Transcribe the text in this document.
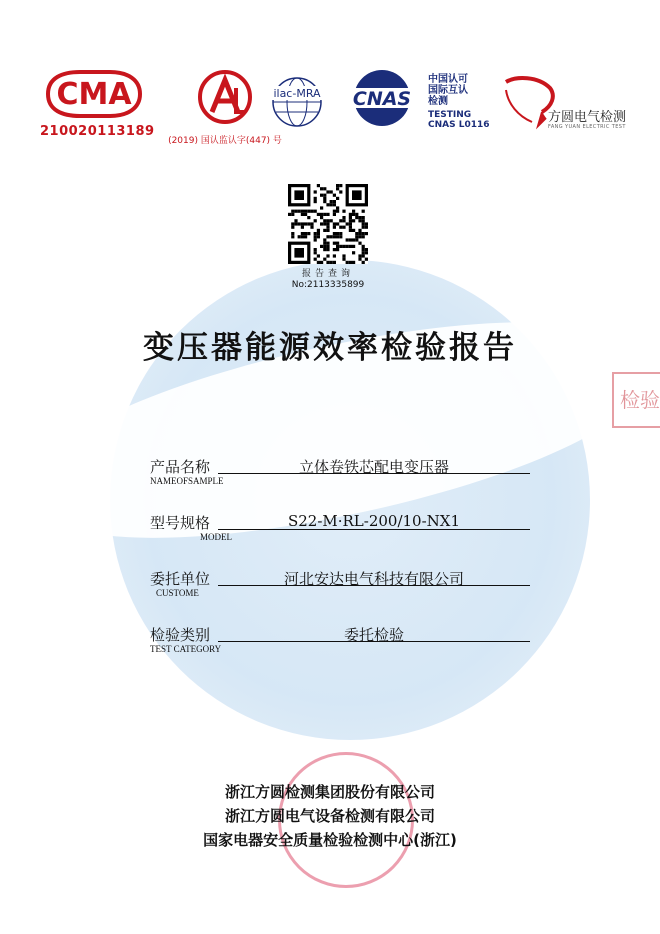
CMA
210020113189
(2019) 国认监认字(447) 号
ilac-MRA CNAS
中国认可
国际互认
检测
TESTING
CNAS L0116	方圆电气检测
FANG YUAN ELECTRIC TEST
报告查询
No:2113335899
变压器能源效率检验报告
产品名称
NAMEOFSAMPLE
立体卷铁芯配电变压器
型号规格
MODEL
S22-M·RL-200/10-NX1
委托单位
CUSTOME
河北安达电气科技有限公司
检验类别
TEST CATEGORY
委托检验
浙江方圆检测集团股份有限公司
浙江方圆电气设备检测有限公司
国家电器安全质量检验检测中心(浙江)
检验
